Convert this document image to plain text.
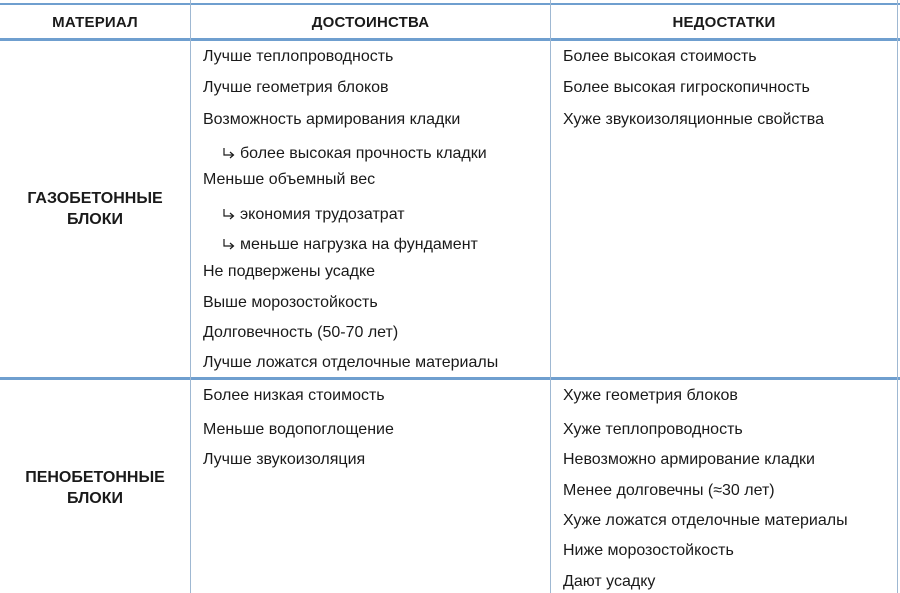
МАТЕРИАЛ	ДОСТОИНСТВА	НЕДОСТАТКИ
ГАЗОБЕТОННЫЕ
БЛОКИ
Лучше теплопроводность
Лучше геометрия блоков
Возможность армирования кладки
более высокая прочность кладки
Меньше объемный вес
экономия трудозатрат
меньше нагрузка на фундамент
Не подвержены усадке
Выше морозостойкость
Долговечность (50-70 лет)
Лучше ложатся отделочные материалы
Более высокая стоимость
Более высокая гигроскопичность
Хуже звукоизоляционные свойства
ПЕНОБЕТОННЫЕ
БЛОКИ
Более низкая стоимость
Меньше водопоглощение
Лучше звукоизоляция
Хуже геометрия блоков
Хуже теплопроводность
Невозможно армирование кладки
Менее долговечны (≈30 лет)
Хуже ложатся отделочные материалы
Ниже морозостойкость
Дают усадку
